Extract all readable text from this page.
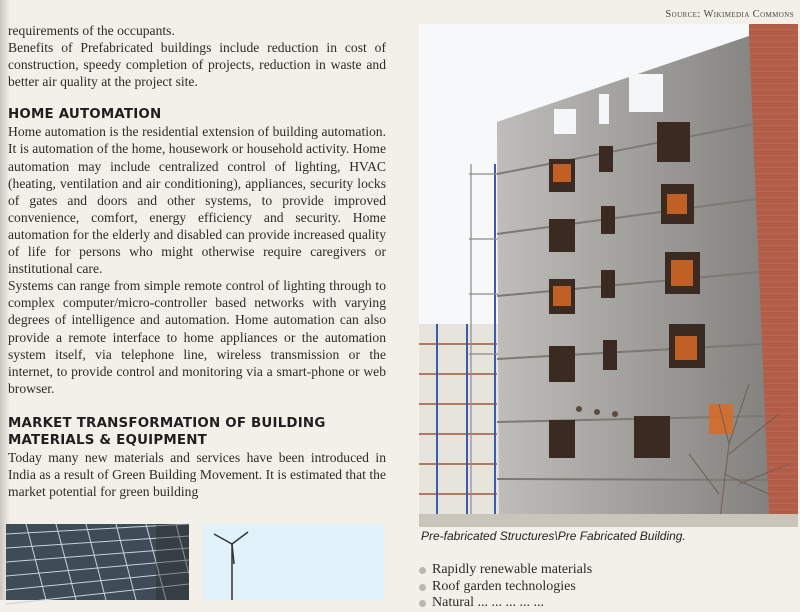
requirements of the occupants.

Benefits of Prefabricated buildings include reduction in cost of construction, speedy completion of projects, reduction in waste and better air quality at the project site.

HOME AUTOMATION

Home automation is the residential extension of building automation. It is automation of the home, housework or household activity. Home automation may include centralized control of lighting, HVAC (heating, ventilation and air conditioning), appliances, security locks of gates and doors and other systems, to provide improved convenience, comfort, energy efficiency and security. Home automation for the elderly and disabled can provide increased quality of life for persons who might otherwise require caregivers or institutional care.

Systems can range from simple remote control of lighting through to complex computer/micro-controller based networks with varying degrees of intelligence and automation. Home automation can also provide a remote interface to home appliances or the automation system itself, via telephone line, wireless transmission or the internet, to provide control and monitoring via a smart-phone or web browser.

MARKET TRANSFORMATION OF BUILDING MATERIALS & EQUIPMENT

Today many new materials and services have been introduced in India as a result of Green Building Movement. It is estimated that the market potential for green building

Source: Wikimedia Commons
Pre-fabricated Structures\Pre Fabricated Building.
Rapidly renewable materials
Roof garden technologies
Natural ... ... ... ... ...
